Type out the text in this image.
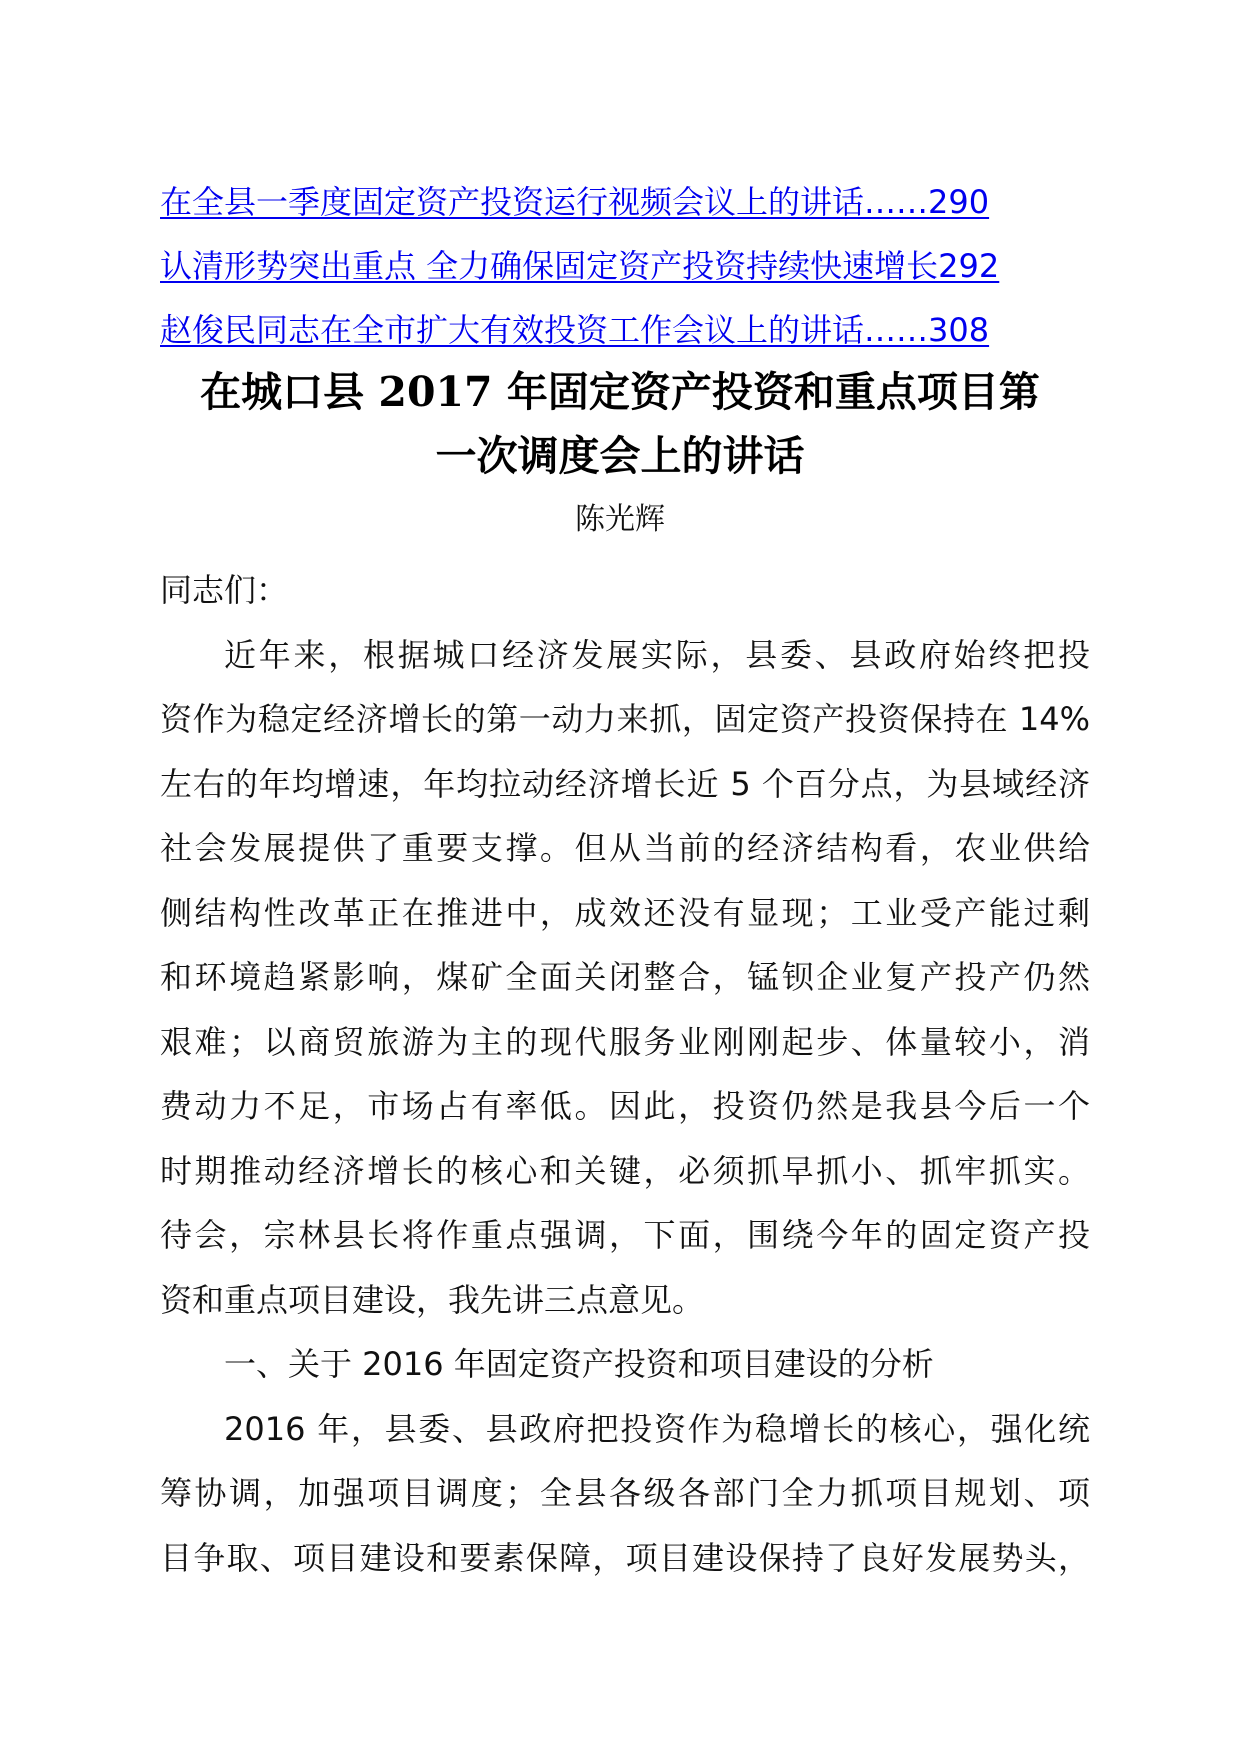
在全县一季度固定资产投资运行视频会议上的讲话……290
认清形势突出重点 全力确保固定资产投资持续快速增长292
赵俊民同志在全市扩大有效投资工作会议上的讲话……308
在城口县 2017 年固定资产投资和重点项目第
一次调度会上的讲话
陈光辉
同志们：
近年来，根据城口经济发展实际，县委、县政府始终把投
资作为稳定经济增长的第一动力来抓，固定资产投资保持在 14%
左右的年均增速，年均拉动经济增长近 5 个百分点，为县域经济
社会发展提供了重要支撑。但从当前的经济结构看，农业供给
侧结构性改革正在推进中，成效还没有显现；工业受产能过剩
和环境趋紧影响，煤矿全面关闭整合，锰钡企业复产投产仍然
艰难；以商贸旅游为主的现代服务业刚刚起步、体量较小，消
费动力不足，市场占有率低。因此，投资仍然是我县今后一个
时期推动经济增长的核心和关键，必须抓早抓小、抓牢抓实。
待会，宗林县长将作重点强调，下面，围绕今年的固定资产投
资和重点项目建设，我先讲三点意见。
一、关于 2016 年固定资产投资和项目建设的分析
2016 年，县委、县政府把投资作为稳增长的核心，强化统
筹协调，加强项目调度；全县各级各部门全力抓项目规划、项
目争取、项目建设和要素保障，项目建设保持了良好发展势头，
